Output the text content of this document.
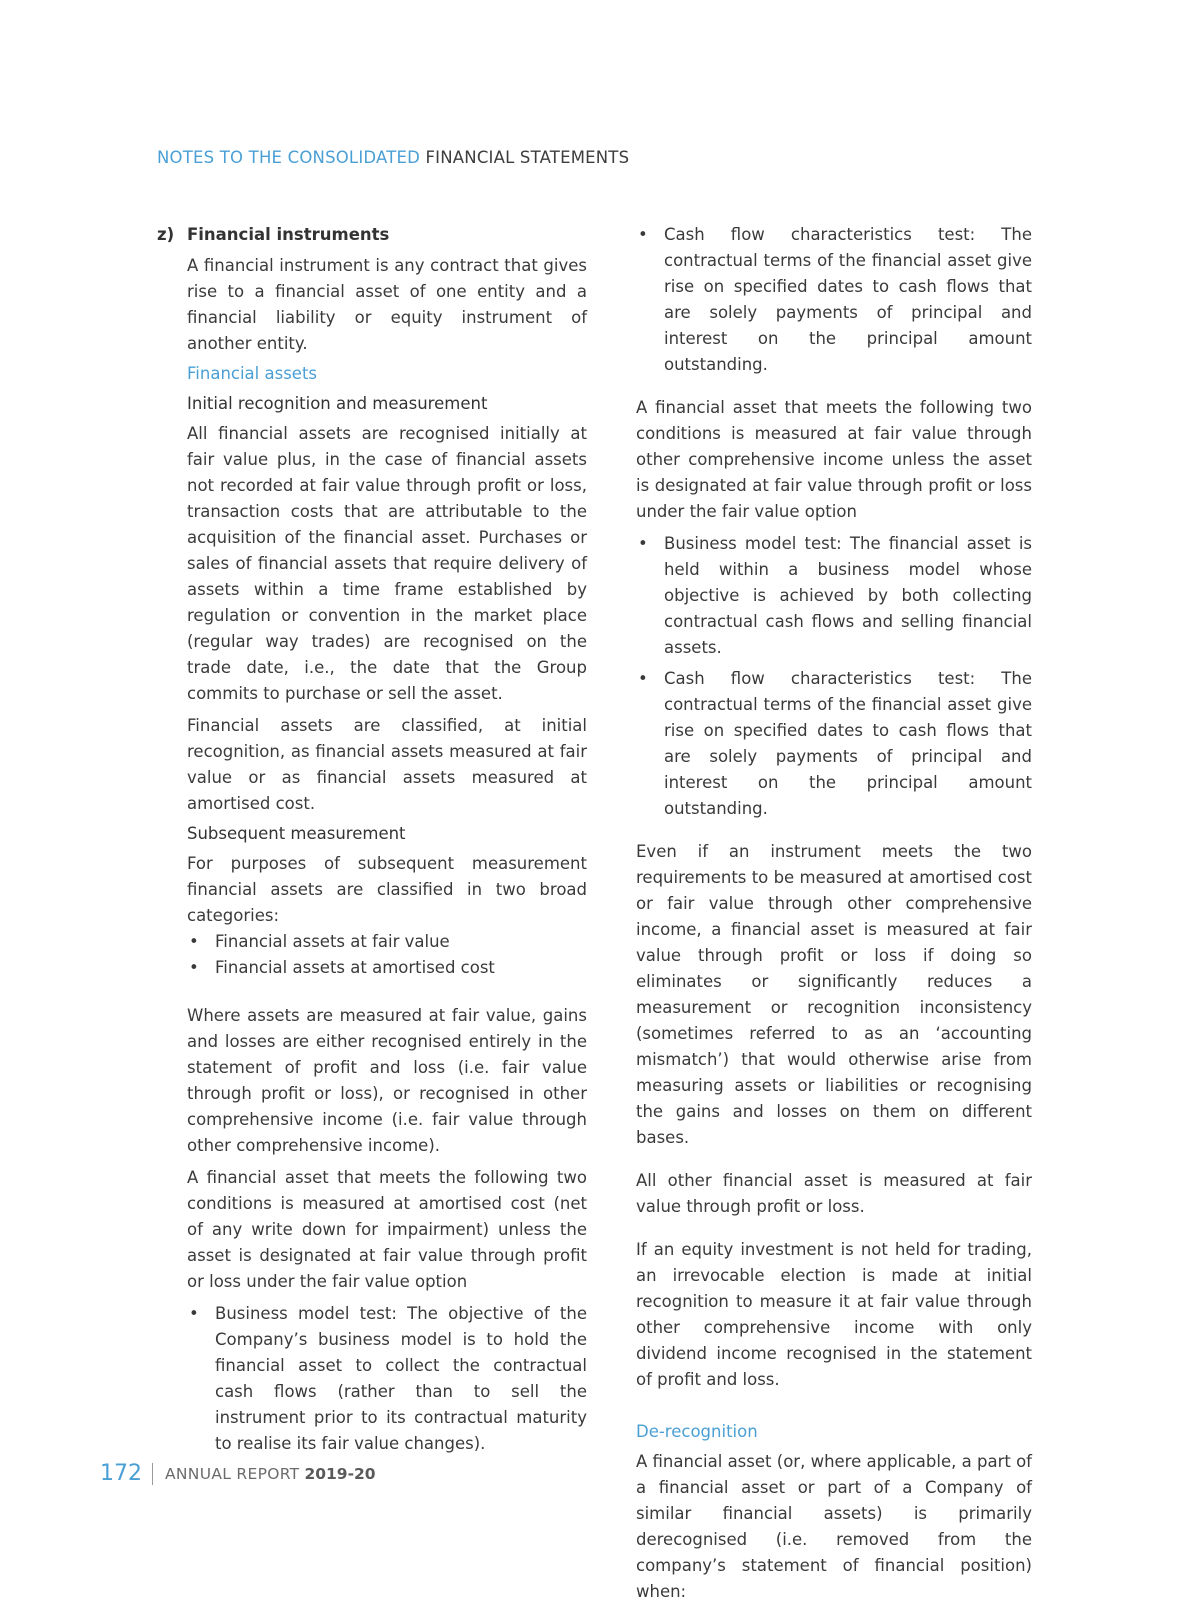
NOTES TO THE CONSOLIDATED FINANCIAL STATEMENTS
z) Financial instruments

A financial instrument is any contract that gives rise to a financial asset of one entity and a financial liability or equity instrument of another entity.

Financial assets
Initial recognition and measurement

All financial assets are recognised initially at fair value plus, in the case of financial assets not recorded at fair value through profit or loss, transaction costs that are attributable to the acquisition of the financial asset. Purchases or sales of financial assets that require delivery of assets within a time frame established by regulation or convention in the market place (regular way trades) are recognised on the trade date, i.e., the date that the Group commits to purchase or sell the asset.

Financial assets are classified, at initial recognition, as financial assets measured at fair value or as financial assets measured at amortised cost.

Subsequent measurement

For purposes of subsequent measurement financial assets are classified in two broad categories:

• Financial assets at fair value
• Financial assets at amortised cost

Where assets are measured at fair value, gains and losses are either recognised entirely in the statement of profit and loss (i.e. fair value through profit or loss), or recognised in other comprehensive income (i.e. fair value through other comprehensive income).

A financial asset that meets the following two conditions is measured at amortised cost (net of any write down for impairment) unless the asset is designated at fair value through profit or loss under the fair value option

• Business model test: The objective of the Company’s business model is to hold the financial asset to collect the contractual cash flows (rather than to sell the instrument prior to its contractual maturity to realise its fair value changes).
• Cash flow characteristics test: The contractual terms of the financial asset give rise on specified dates to cash flows that are solely payments of principal and interest on the principal amount outstanding.

A financial asset that meets the following two conditions is measured at fair value through other comprehensive income unless the asset is designated at fair value through profit or loss under the fair value option

• Business model test: The financial asset is held within a business model whose objective is achieved by both collecting contractual cash flows and selling financial assets.
• Cash flow characteristics test: The contractual terms of the financial asset give rise on specified dates to cash flows that are solely payments of principal and interest on the principal amount outstanding.

Even if an instrument meets the two requirements to be measured at amortised cost or fair value through other comprehensive income, a financial asset is measured at fair value through profit or loss if doing so eliminates or significantly reduces a measurement or recognition inconsistency (sometimes referred to as an ‘accounting mismatch’) that would otherwise arise from measuring assets or liabilities or recognising the gains and losses on them on different bases.

All other financial asset is measured at fair value through profit or loss.

If an equity investment is not held for trading, an irrevocable election is made at initial recognition to measure it at fair value through other comprehensive income with only dividend income recognised in the statement of profit and loss.

De-recognition

A financial asset (or, where applicable, a part of a financial asset or part of a Company of similar financial assets) is primarily derecognised (i.e. removed from the company’s statement of financial position) when:

172 ANNUAL REPORT 2019-20
